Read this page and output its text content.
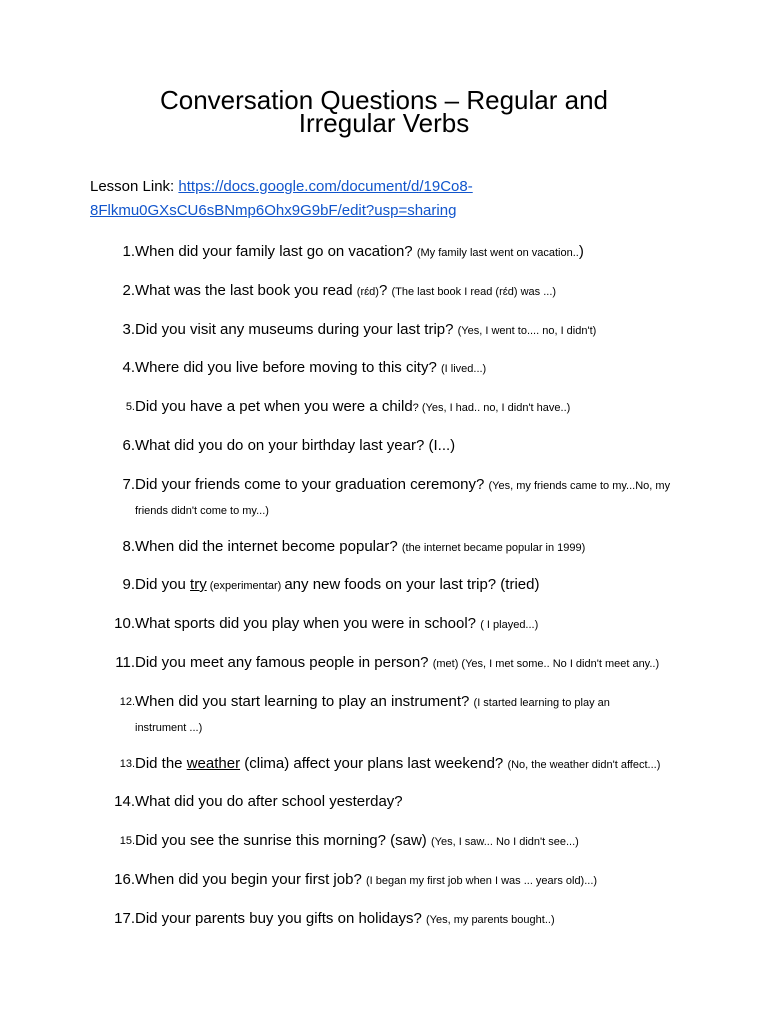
Conversation Questions – Regular and
Irregular Verbs
Lesson Link: https://docs.google.com/document/d/19Co8-
8Flkmu0GXsCU6sBNmp6Ohx9G9bF/edit?usp=sharing
1. When did your family last go on vacation? (My family last went on vacation..)
2. What was the last book you read (rɛ́d)? (The last book I read (rɛ́d) was ...)
3. Did you visit any museums during your last trip? (Yes, I went to.... no, I didn't)
4. Where did you live before moving to this city? (I lived...)
5. Did you have a pet when you were a child? (Yes, I had.. no, I didn't have..)
6. What did you do on your birthday last year? (I...)
7. Did your friends come to your graduation ceremony? (Yes, my friends came to my...No, my
friends didn't come to my...)
8. When did the internet become popular? (the internet became popular in 1999)
9. Did you try (experimentar) any new foods on your last trip? (tried)
10. What sports did you play when you were in school? ( I played...)
11. Did you meet any famous people in person? (met) (Yes, I met some.. No I didn't meet any..)
12. When did you start learning to play an instrument? (I started learning to play an
instrument ...)
13. Did the weather (clima) affect your plans last weekend? (No, the weather didn't affect...)
14. What did you do after school yesterday?
15. Did you see the sunrise this morning? (saw) (Yes, I saw... No I didn't see...)
16. When did you begin your first job? (I began my first job when I was ... years old)...)
17. Did your parents buy you gifts on holidays? (Yes, my parents bought..)
